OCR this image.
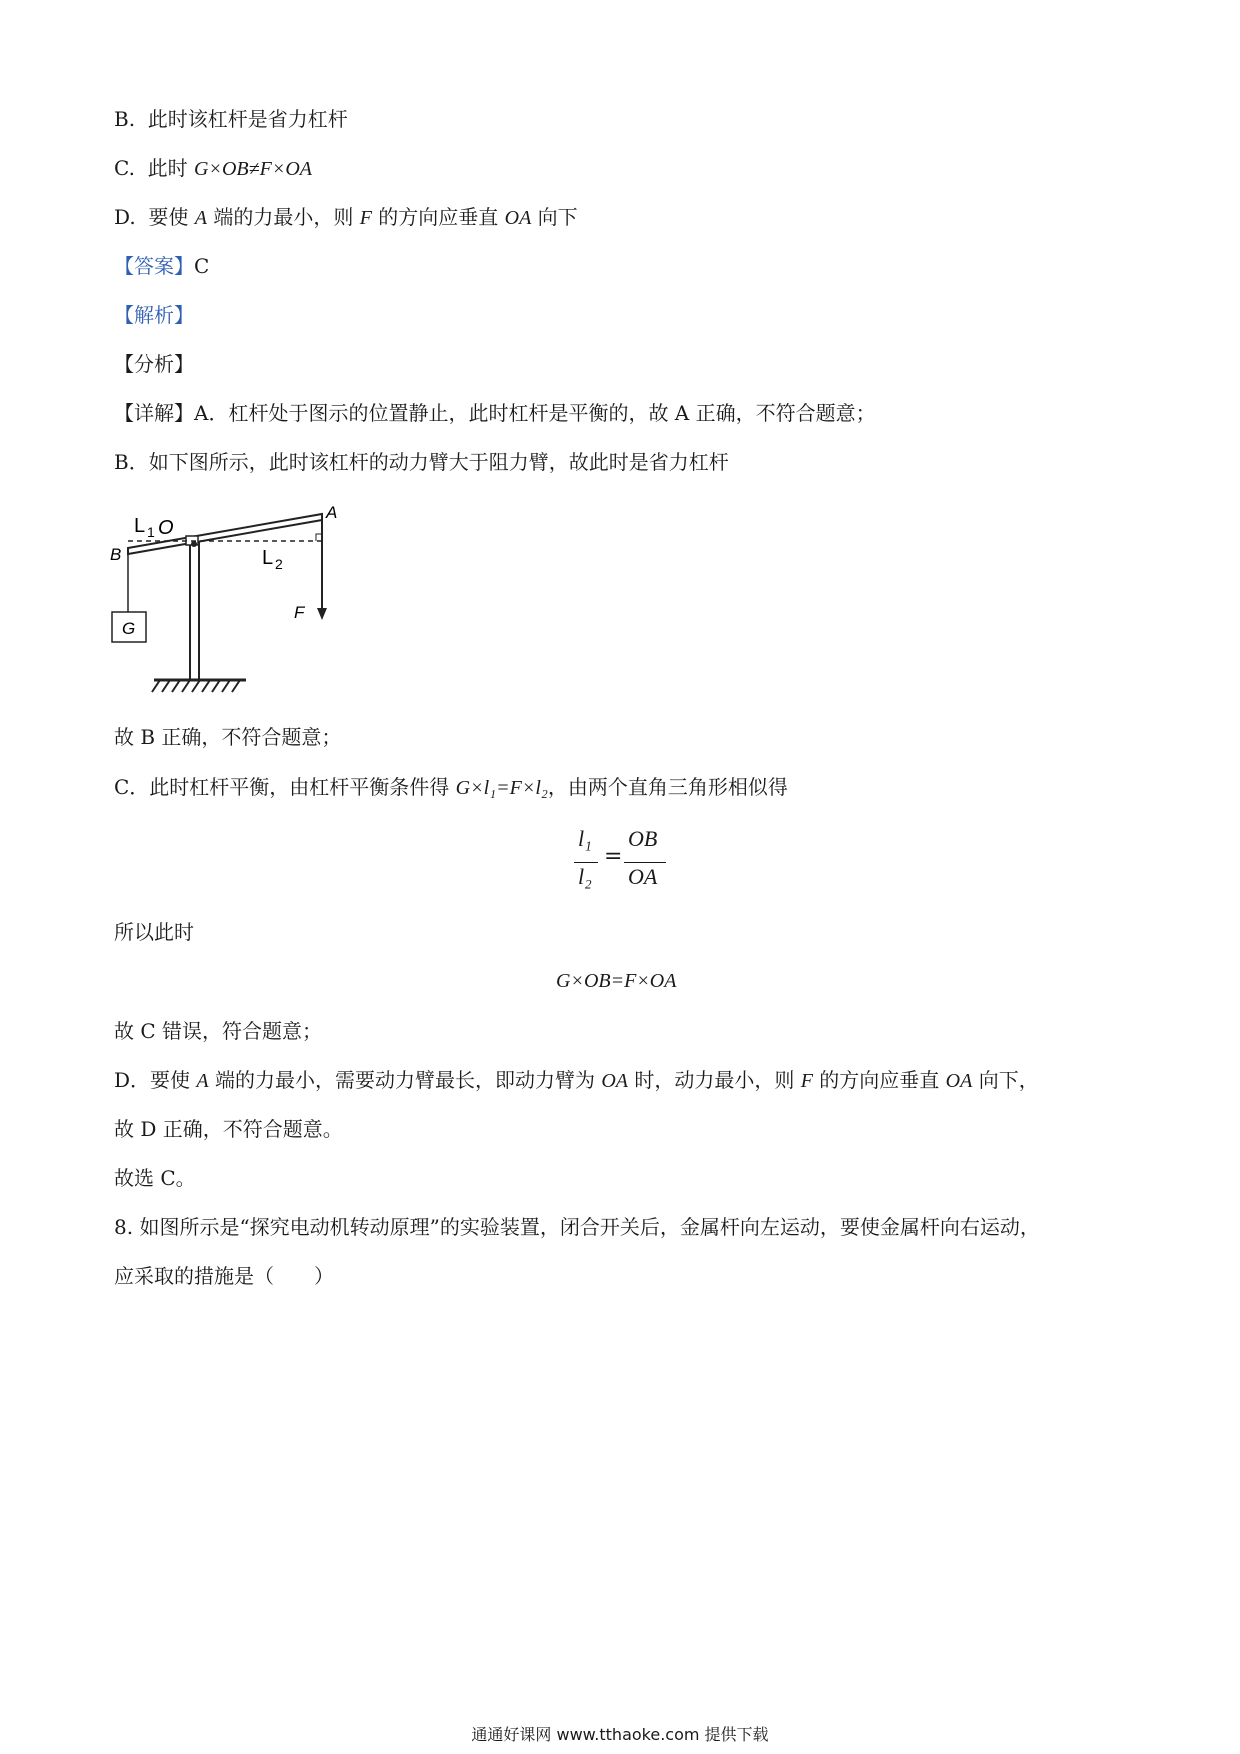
B. 此时该杠杆是省力杠杆
C. 此时 G×OB≠F×OA
D. 要使 A 端的力最小，则 F 的方向应垂直 OA 向下
【答案】C
【解析】
【分析】
【详解】A．杠杆处于图示的位置静止，此时杠杆是平衡的，故 A 正确，不符合题意；
B．如下图所示，此时该杠杆的动力臂大于阻力臂，故此时是省力杠杆
G
L 1 O
A
B	L 2
F
故 B 正确，不符合题意；
C．此时杠杆平衡，由杠杆平衡条件得 G×l₁=F×l₂，由两个直角三角形相似得
l₁
l₂
=
OB
OA
所以此时
G×OB=F×OA
故 C 错误，符合题意；
D．要使 A 端的力最小，需要动力臂最长，即动力臂为 OA 时，动力最小，则 F 的方向应垂直 OA 向下，
故 D 正确，不符合题意。
故选 C。
8. 如图所示是“探究电动机转动原理”的实验装置，闭合开关后，金属杆向左运动，要使金属杆向右运动，
应采取的措施是（　　）
通通好课网 www.tthaoke.com 提供下载
